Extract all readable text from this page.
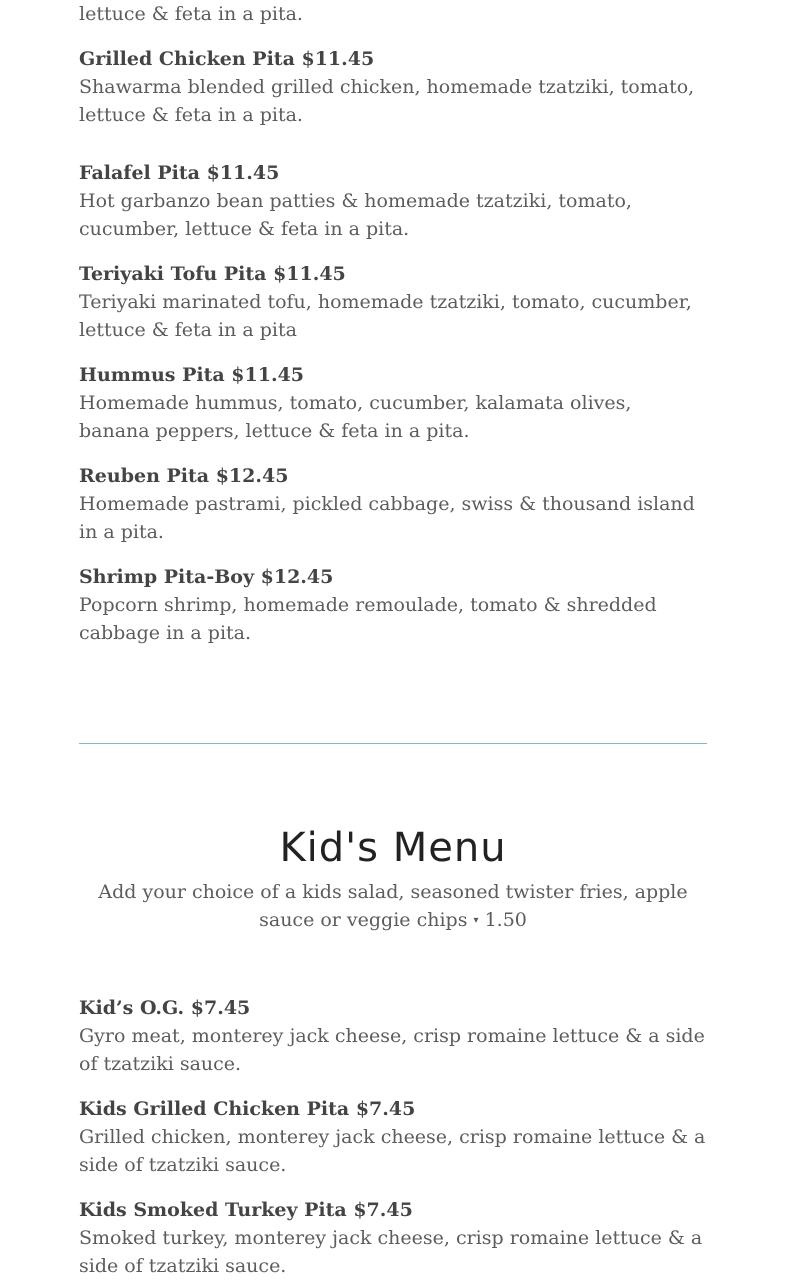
lettuce & feta in a pita.

Grilled Chicken Pita $11.45

Shawarma blended grilled chicken, homemade tzatziki, tomato, lettuce & feta in a pita.

Falafel Pita $11.45

Hot garbanzo bean patties & homemade tzatziki, tomato, cucumber, lettuce & feta in a pita.

Teriyaki Tofu Pita $11.45

Teriyaki marinated tofu, homemade tzatziki, tomato, cucumber, lettuce & feta in a pita

Hummus Pita $11.45

Homemade hummus, tomato, cucumber, kalamata olives, banana peppers, lettuce & feta in a pita.

Reuben Pita $12.45

Homemade pastrami, pickled cabbage, swiss & thousand island in a pita.

Shrimp Pita-Boy $12.45

Popcorn shrimp, homemade remoulade, tomato & shredded cabbage in a pita.

Kid's Menu

Add your choice of a kids salad, seasoned twister fries, apple sauce or veggie chips ▾ 1.50

Kid’s O.G. $7.45

Gyro meat, monterey jack cheese, crisp romaine lettuce & a side of tzatziki sauce.

Kids Grilled Chicken Pita $7.45

Grilled chicken, monterey jack cheese, crisp romaine lettuce & a side of tzatziki sauce.

Kids Smoked Turkey Pita $7.45

Smoked turkey, monterey jack cheese, crisp romaine lettuce & a side of tzatziki sauce.
